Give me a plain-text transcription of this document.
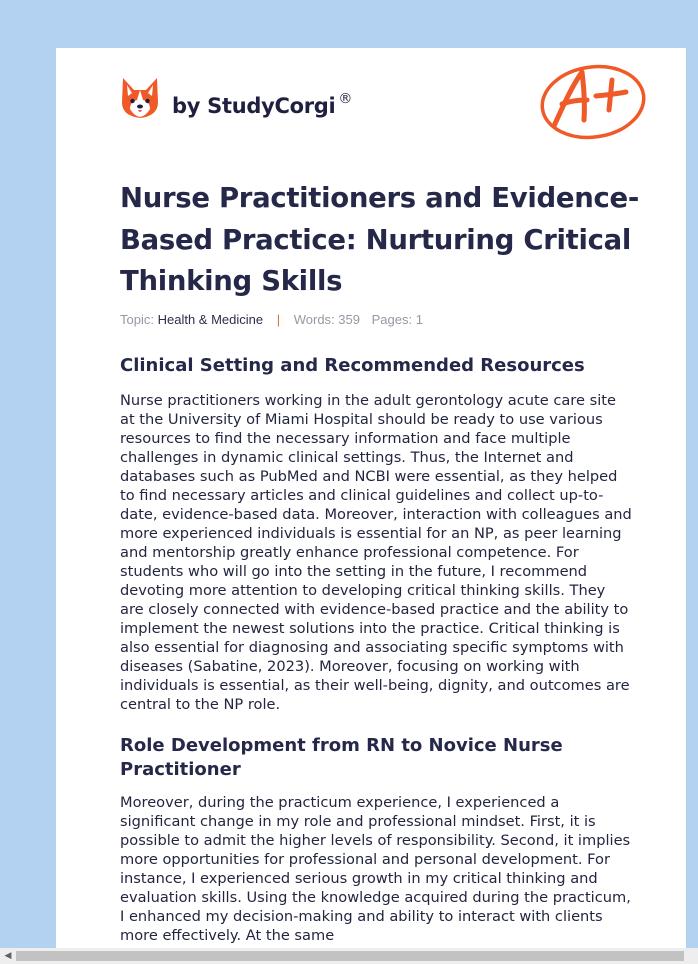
by StudyCorgi ®
Nurse Practitioners and Evidence-Based Practice: Nurturing Critical Thinking Skills
Topic: Health & Medicine | Words: 359 Pages: 1
Clinical Setting and Recommended Resources

Nurse practitioners working in the adult gerontology acute care site at the University of Miami Hospital should be ready to use various resources to find the necessary information and face multiple challenges in dynamic clinical settings. Thus, the Internet and databases such as PubMed and NCBI were essential, as they helped to find necessary articles and clinical guidelines and collect up-to-date, evidence-based data. Moreover, interaction with colleagues and more experienced individuals is essential for an NP, as peer learning and mentorship greatly enhance professional competence. For students who will go into the setting in the future, I recommend devoting more attention to developing critical thinking skills. They are closely connected with evidence-based practice and the ability to implement the newest solutions into the practice. Critical thinking is also essential for diagnosing and associating specific symptoms with diseases (Sabatine, 2023). Moreover, focusing on working with individuals is essential, as their well-being, dignity, and outcomes are central to the NP role.

Role Development from RN to Novice Nurse Practitioner

Moreover, during the practicum experience, I experienced a significant change in my role and professional mindset. First, it is possible to admit the higher levels of responsibility. Second, it implies more opportunities for professional and personal development. For instance, I experienced serious growth in my critical thinking and evaluation skills. Using the knowledge acquired during the practicum, I enhanced my decision-making and ability to interact with clients more effectively. At the same

◀
